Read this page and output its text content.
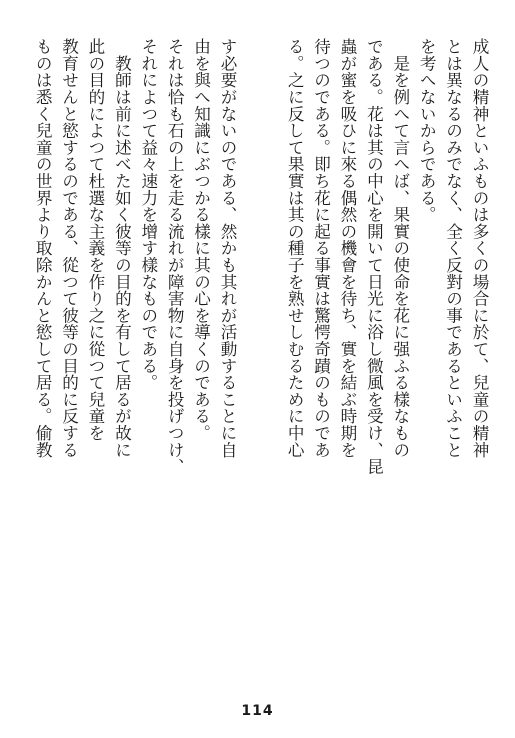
成人の精神といふものは多くの場合に於て、兒童の精神
とは異なるのみでなく、全く反對の事であるといふこと
を考へないからである。
　是を例へて言へば、果實の使命を花に强ふる樣なもの
である。花は其の中心を開いて日光に浴し微風を受け、昆
蟲が蜜を吸ひに來る偶然の機會を待ち、實を結ぶ時期を
待つのである。即ち花に起る事實は驚愕奇蹟のものであ
る。之に反して果實は其の種子を熟せしむるために中心
す必要がないのである、然かも其れが活動することに自
由を與へ知識にぶつかる樣に其の心を導くのである。
それは恰も石の上を走る流れが障害物に自身を投げつけ、
それによつて益々速力を增す樣なものである。
　教師は前に述べた如く彼等の目的を有して居るが故に
此の目的によつて杜選な主義を作り之に從つて兒童を
教育せんと慾するのである、從つて彼等の目的に反する
ものは悉く兒童の世界より取除かんと慾して居る。偷教
114
